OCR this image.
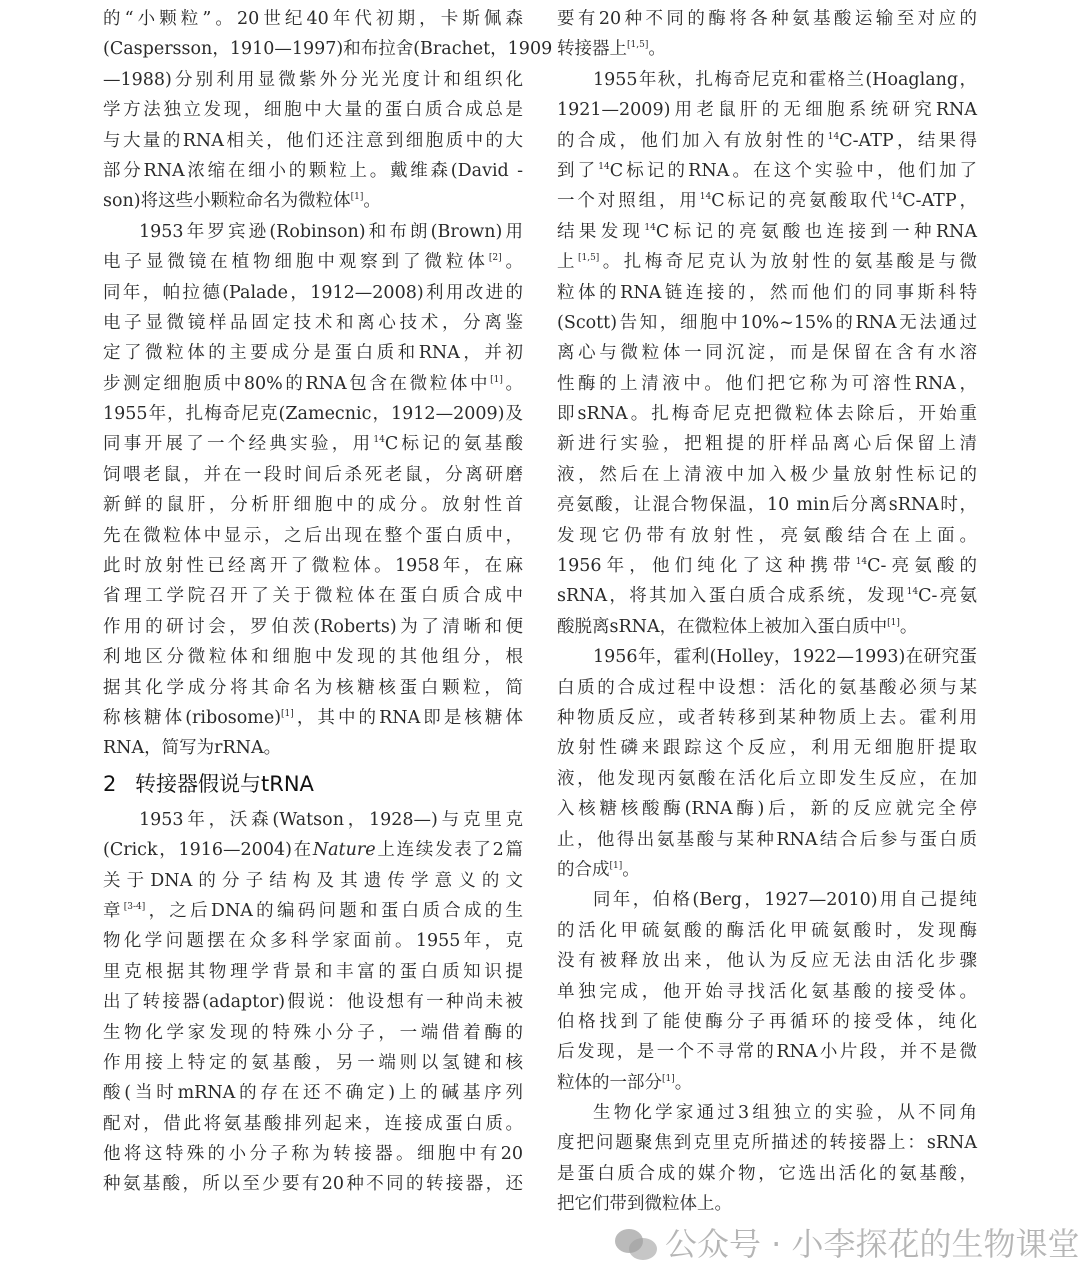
的“小颗粒”。20世纪40年代初期，卡斯佩森
(Caspersson，1910—1997)和布拉舍(Brachet，1909
—1988)分别利用显微紫外分光光度计和组织化
学方法独立发现，细胞中大量的蛋白质合成总是
与大量的RNA相关，他们还注意到细胞质中的大
部分RNA浓缩在细小的颗粒上。戴维森(David -
son)将这些小颗粒命名为微粒体[1]。
1953年罗宾逊(Robinson)和布朗(Brown)用
电子显微镜在植物细胞中观察到了微粒体[2]。
同年，帕拉德(Palade，1912—2008)利用改进的
电子显微镜样品固定技术和离心技术，分离鉴
定了微粒体的主要成分是蛋白质和RNA，并初
步测定细胞质中80%的RNA包含在微粒体中[1]。
1955年，扎梅奇尼克(Zamecnic，1912—2009)及
同事开展了一个经典实验，用$^{14}$C标记的氨基酸
饲喂老鼠，并在一段时间后杀死老鼠，分离研磨
新鲜的鼠肝，分析肝细胞中的成分。放射性首
先在微粒体中显示，之后出现在整个蛋白质中，
此时放射性已经离开了微粒体。1958年，在麻
省理工学院召开了关于微粒体在蛋白质合成中
作用的研讨会，罗伯茨(Roberts)为了清晰和便
利地区分微粒体和细胞中发现的其他组分，根
据其化学成分将其命名为核糖核蛋白颗粒，简
称核糖体(ribosome)[1]，其中的RNA即是核糖体
RNA，简写为rRNA。
2 转接器假说与tRNA
1953年，沃森(Watson，1928—)与克里克
(Crick，1916—2004)在Nature上连续发表了2篇
关于DNA的分子结构及其遗传学意义的文
章[3-4]，之后DNA的编码问题和蛋白质合成的生
物化学问题摆在众多科学家面前。1955年，克
里克根据其物理学背景和丰富的蛋白质知识提
出了转接器(adaptor)假说：他设想有一种尚未被
生物化学家发现的特殊小分子，一端借着酶的
作用接上特定的氨基酸，另一端则以氢键和核
酸(当时mRNA的存在还不确定)上的碱基序列
配对，借此将氨基酸排列起来，连接成蛋白质。
他将这特殊的小分子称为转接器。细胞中有20
种氨基酸，所以至少要有20种不同的转接器，还
要有20种不同的酶将各种氨基酸运输至对应的
转接器上[1,5]。
1955年秋，扎梅奇尼克和霍格兰(Hoaglang，
1921—2009)用老鼠肝的无细胞系统研究RNA
的合成，他们加入有放射性的$^{14}$C-ATP，结果得
到了$^{14}$C标记的RNA。在这个实验中，他们加了
一个对照组，用$^{14}$C标记的亮氨酸取代$^{14}$C-ATP，
结果发现$^{14}$C标记的亮氨酸也连接到一种RNA
上[1,5]。扎梅奇尼克认为放射性的氨基酸是与微
粒体的RNA链连接的，然而他们的同事斯科特
(Scott)告知，细胞中10%~15%的RNA无法通过
离心与微粒体一同沉淀，而是保留在含有水溶
性酶的上清液中。他们把它称为可溶性RNA，
即sRNA。扎梅奇尼克把微粒体去除后，开始重
新进行实验，把粗提的肝样品离心后保留上清
液，然后在上清液中加入极少量放射性标记的
亮氨酸，让混合物保温，10 min后分离sRNA时，
发现它仍带有放射性，亮氨酸结合在上面。
1956年，他们纯化了这种携带$^{14}$C-亮氨酸的
sRNA，将其加入蛋白质合成系统，发现$^{14}$C-亮氨
酸脱离sRNA，在微粒体上被加入蛋白质中[1]。
1956年，霍利(Holley，1922—1993)在研究蛋
白质的合成过程中设想：活化的氨基酸必须与某
种物质反应，或者转移到某种物质上去。霍利用
放射性磷来跟踪这个反应，利用无细胞肝提取
液，他发现丙氨酸在活化后立即发生反应，在加
入核糖核酸酶(RNA酶)后，新的反应就完全停
止，他得出氨基酸与某种RNA结合后参与蛋白质
的合成[1]。
同年，伯格(Berg，1927—2010)用自己提纯
的活化甲硫氨酸的酶活化甲硫氨酸时，发现酶
没有被释放出来，他认为反应无法由活化步骤
单独完成，他开始寻找活化氨基酸的接受体。
伯格找到了能使酶分子再循环的接受体，纯化
后发现，是一个不寻常的RNA小片段，并不是微
粒体的一部分[1]。
生物化学家通过3组独立的实验，从不同角
度把问题聚焦到克里克所描述的转接器上：sRNA
是蛋白质合成的媒介物，它选出活化的氨基酸，
把它们带到微粒体上。
公众号 · 小李探花的生物课堂
